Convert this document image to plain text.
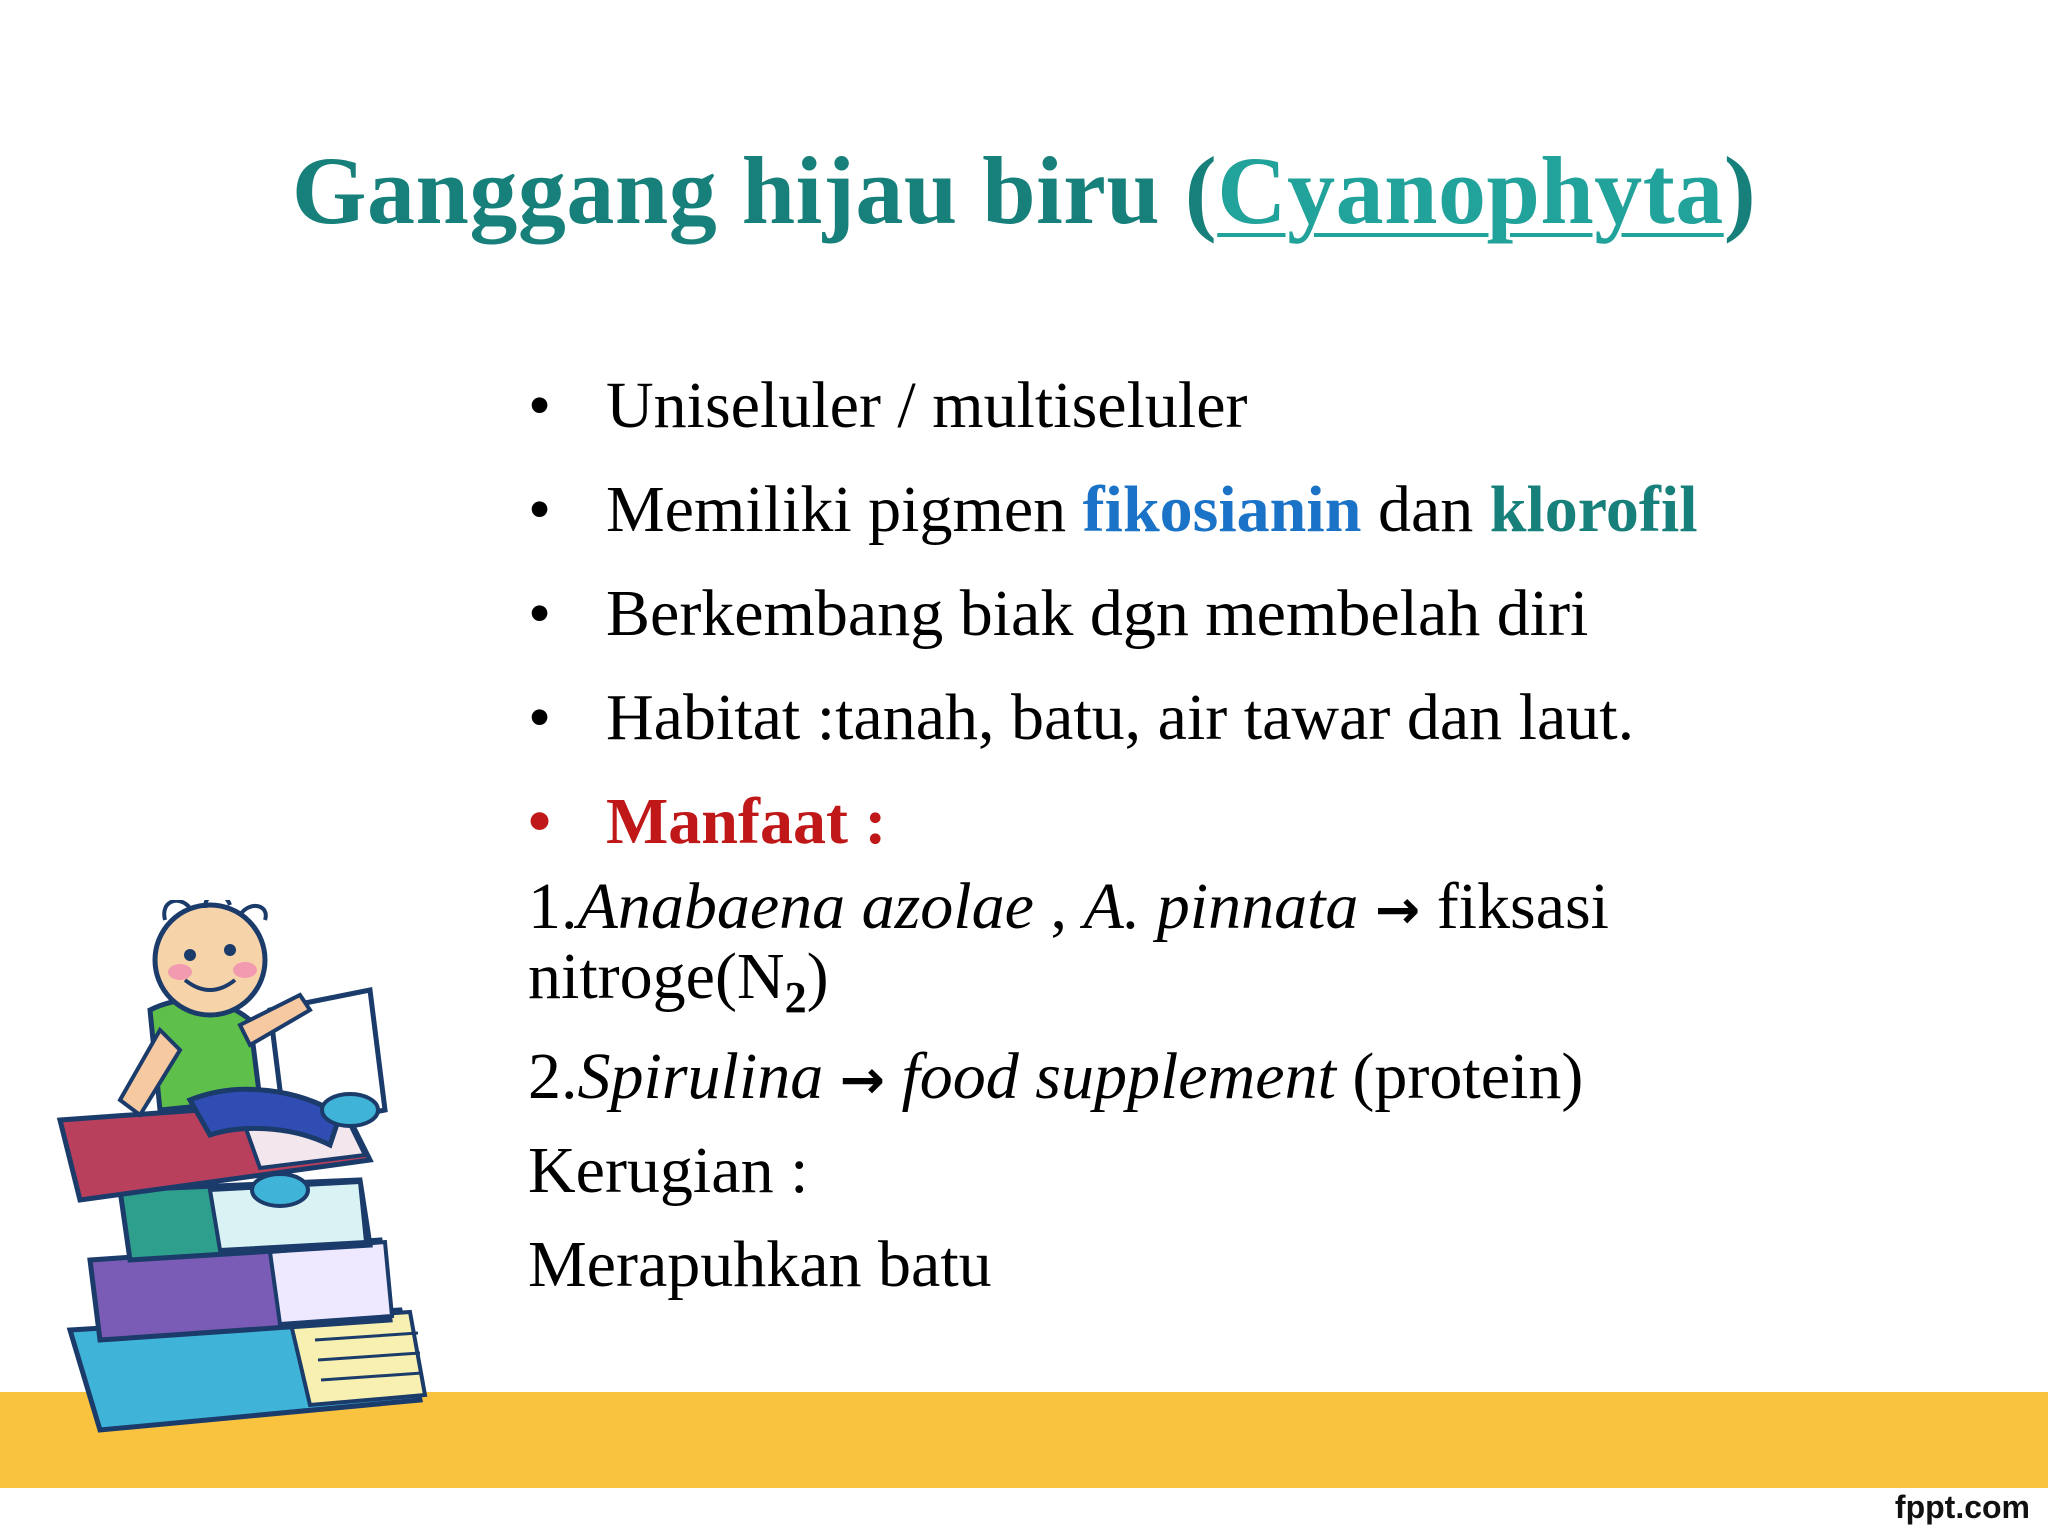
Ganggang hijau biru (Cyanophyta)
• Uniseluler / multiseluler
• Memiliki pigmen fikosianin dan klorofil
• Berkembang biak dgn membelah diri
• Habitat :tanah, batu, air tawar dan laut.
• Manfaat :
1.Anabaena azolae , A. pinnata → fiksasi
$nitroge(N_2)$
2.Spirulina → food supplement (protein)
Kerugian :
Merapuhkan batu
fppt.com
